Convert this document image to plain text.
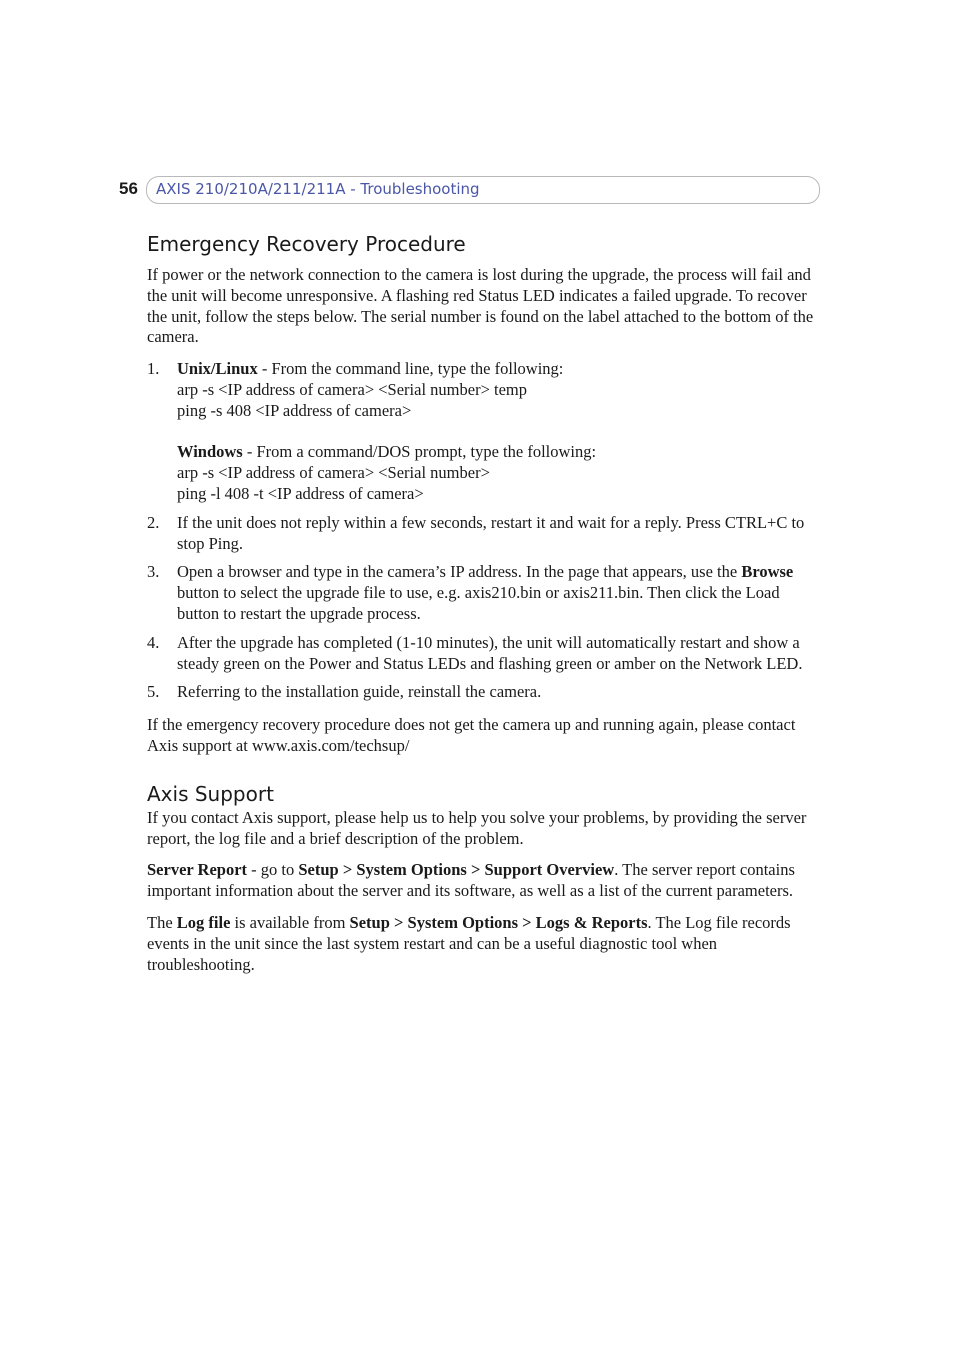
56 AXIS 210/210A/211/211A - Troubleshooting
Emergency Recovery Procedure

If power or the network connection to the camera is lost during the upgrade, the process will fail and the unit will become unresponsive. A flashing red Status LED indicates a failed upgrade. To recover the unit, follow the steps below. The serial number is found on the label attached to the bottom of the camera.

1. Unix/Linux - From the command line, type the following:
arp -s <IP address of camera> <Serial number> temp
ping -s 408 <IP address of camera>
Windows - From a command/DOS prompt, type the following:
arp -s <IP address of camera> <Serial number>
ping -l 408 -t <IP address of camera>
2. If the unit does not reply within a few seconds, restart it and wait for a reply. Press CTRL+C to stop Ping.
3. Open a browser and type in the camera’s IP address. In the page that appears, use the Browse button to select the upgrade file to use, e.g. axis210.bin or axis211.bin. Then click the Load button to restart the upgrade process.
4. After the upgrade has completed (1-10 minutes), the unit will automatically restart and show a steady green on the Power and Status LEDs and flashing green or amber on the Network LED.
5. Referring to the installation guide, reinstall the camera.

If the emergency recovery procedure does not get the camera up and running again, please contact Axis support at www.axis.com/techsup/

Axis Support

If you contact Axis support, please help us to help you solve your problems, by providing the server report, the log file and a brief description of the problem.

Server Report - go to Setup > System Options > Support Overview. The server report contains important information about the server and its software, as well as a list of the current parameters.

The Log file is available from Setup > System Options > Logs & Reports. The Log file records events in the unit since the last system restart and can be a useful diagnostic tool when troubleshooting.
